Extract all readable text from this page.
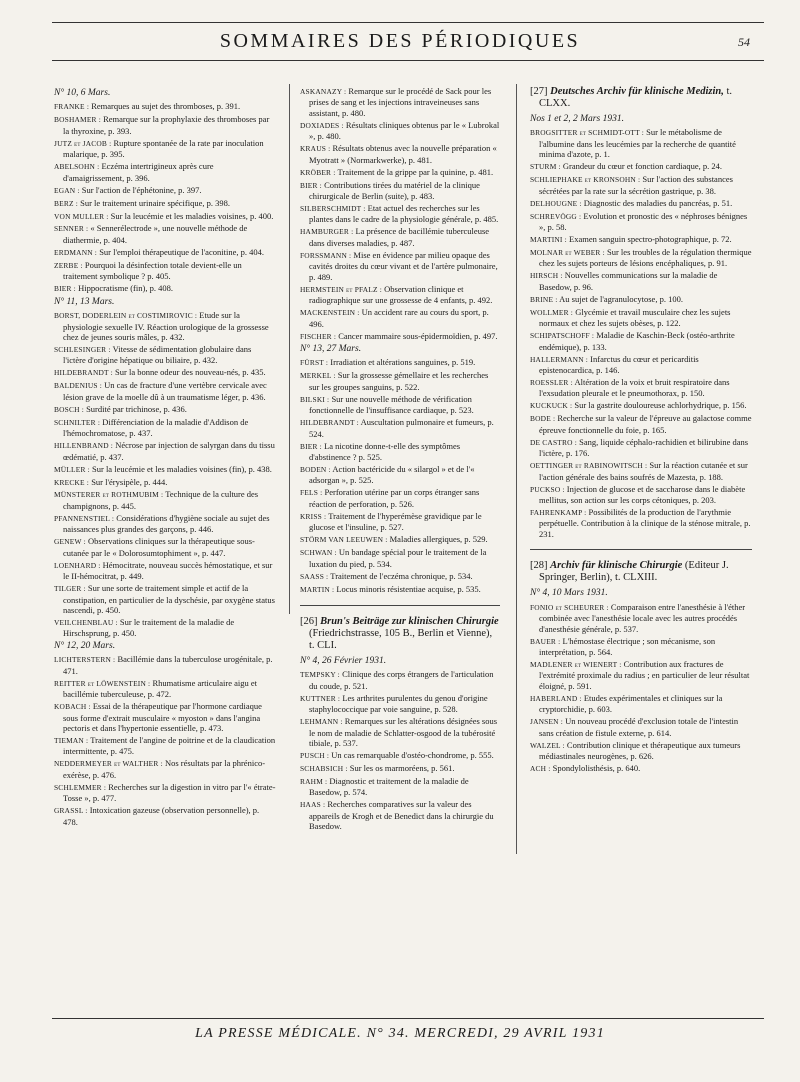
SOMMAIRES DES PÉRIODIQUES	54
N° 10, 6 Mars.
FRANKE : Remarques au sujet des thromboses, p. 391.
BOSHAMER : Remarque sur la prophylaxie des thromboses par la thyroxine, p. 393.
JUTZ et JACOB : Rupture spontanée de la rate par inoculation malarique, p. 395.
ABELSOHN : Eczéma intertrigineux après cure d'amaigrissement, p. 396.
EGAN : Sur l'action de l'éphétonine, p. 397.
BERZ : Sur le traitement urinaire spécifique, p. 398.
VON MULLER : Sur la leucémie et les maladies voisines, p. 400.
SENNER : « Sennerélectrode », une nouvelle méthode de diathermie, p. 404.
ERDMANN : Sur l'emploi thérapeutique de l'aconitine, p. 404.
ZERBE : Pourquoi la désinfection totale devient-elle un traitement symbolique ? p. 405.
BIER : Hippocratisme (fin), p. 408.
N° 11, 13 Mars.
BORST, DODERLEIN et COSTIMIROVIC : Etude sur la physiologie sexuelle IV. Réaction urologique de la grossesse chez de jeunes souris mâles, p. 432.
SCHLESINGER : Vitesse de sédimentation globulaire dans l'ictère d'origine hépatique ou biliaire, p. 432.
HILDEBRANDT : Sur la bonne odeur des nouveau-nés, p. 435.
BALDENIUS : Un cas de fracture d'une vertèbre cervicale avec lésion grave de la moelle dû à un traumatisme léger, p. 436.
BOSCH : Surdité par trichinose, p. 436.
SCHNILTER : Différenciation de la maladie d'Addison de l'hémochromatose, p. 437.
HILLENBRAND : Nécrose par injection de salyrgan dans du tissu œdématié, p. 437.
MÜLLER : Sur la leucémie et les maladies voisines (fin), p. 438.
KRECKE : Sur l'érysipèle, p. 444.
MÜNSTERER et ROTHMUBIM : Technique de la culture des champignons, p. 445.
PFANNENSTIEL : Considérations d'hygiène sociale au sujet des naissances plus grandes des garçons, p. 446.
GENEW : Observations cliniques sur la thérapeutique sous-cutanée par le « Dolorosumtophiment », p. 447.
LOENHARD : Hémocitrate, nouveau succès hémostatique, et sur le II-hémocitrat, p. 449.
TILGER : Sur une sorte de traitement simple et actif de la constipation, en particulier de la dyschésie, par oxygène status nascendi, p. 450.
VEILCHENBLAU : Sur le traitement de la maladie de Hirschsprung, p. 450.
N° 12, 20 Mars.
LICHTERSTERN : Bacillémie dans la tuberculose urogénitale, p. 471.
REITTER et LÖWENSTEIN : Rhumatisme articulaire aigu et bacillémie tuberculeuse, p. 472.
KOBACH : Essai de la thérapeutique par l'hormone cardiaque sous forme d'extrait musculaire « myoston » dans l'angina pectoris et dans l'hypertonie essentielle, p. 473.
TIEMAN : Traitement de l'angine de poitrine et de la claudication intermittente, p. 475.
NEDDERMEYER et WALTHER : Nos résultats par la phrénico-exérèse, p. 476.
SCHLEMMER : Recherches sur la digestion in vitro par l'« étrate-Tosse », p. 477.
GRASSL : Intoxication gazeuse (observation personnelle), p. 478.
ASKANAZY : Remarque sur le procédé de Sack pour les prises de sang et les injections intraveineuses sans assistant, p. 480.
DOXIADES : Résultats cliniques obtenus par le « Lubrokal », p. 480.
KRAUS : Résultats obtenus avec la nouvelle préparation « Myotratt » (Normarkwerke), p. 481.
KRÖBER : Traitement de la grippe par la quinine, p. 481.
BIER : Contributions tirées du matériel de la clinique chirurgicale de Berlin (suite), p. 483.
SILBERSCHMIDT : Etat actuel des recherches sur les plantes dans le cadre de la physiologie générale, p. 485.
HAMBURGER : La présence de bacillémie tuberculeuse dans diverses maladies, p. 487.
FORSSMANN : Mise en évidence par milieu opaque des cavités droites du cœur vivant et de l'artère pulmonaire, p. 489.
HERMSTEIN et PFALZ : Observation clinique et radiographique sur une grossesse de 4 enfants, p. 492.
MACKENSTEIN : Un accident rare au cours du sport, p. 496.
FISCHER : Cancer mammaire sous-épidermoïdien, p. 497.
N° 13, 27 Mars.
FÜRST : Irradiation et altérations sanguines, p. 519.
MERKEL : Sur la grossesse gémellaire et les recherches sur les groupes sanguins, p. 522.
BILSKI : Sur une nouvelle méthode de vérification fonctionnelle de l'insuffisance cardiaque, p. 523.
HILDEBRANDT : Auscultation pulmonaire et fumeurs, p. 524.
BIER : La nicotine donne-t-elle des symptômes d'abstinence ? p. 525.
BODEN : Action bactéricide du « silargol » et de l'« adsorgan », p. 525.
FELS : Perforation utérine par un corps étranger sans réaction de perforation, p. 526.
KRISS : Traitement de l'hyperémèse gravidique par le glucose et l'insuline, p. 527.
STÖRM VAN LEEUWEN : Maladies allergiques, p. 529.
SCHWAN : Un bandage spécial pour le traitement de la luxation du pied, p. 534.
SAASS : Traitement de l'eczéma chronique, p. 534.
MARTIN : Locus minoris résistentiae acquise, p. 535.
[26] Brun's Beiträge zur klinischen Chirurgie (Friedrichstrasse, 105 B., Berlin et Vienne), t. CLI.
N° 4, 26 Février 1931.
TEMPSKY : Clinique des corps étrangers de l'articulation du coude, p. 521.
KUTTNER : Les arthrites purulentes du genou d'origine staphylococcique par voie sanguine, p. 528.
LEHMANN : Remarques sur les altérations désignées sous le nom de maladie de Schlatter-osgood de la tubérosité tibiale, p. 537.
PUSCH : Un cas remarquable d'ostéo-chondrome, p. 555.
SCHABSICH : Sur les os marmoréens, p. 561.
RAHM : Diagnostic et traitement de la maladie de Basedow, p. 574.
HAAS : Recherches comparatives sur la valeur des appareils de Krogh et de Benedict dans la chirurgie du Basedow.
[27] Deutsches Archiv für klinische Medizin, t. CLXX.
Nos 1 et 2, 2 Mars 1931.
BROGSITTER et SCHMIDT-OTT : Sur le métabolisme de l'albumine dans les leucémies par la recherche de quantité minima d'azote, p. 1.
STURM : Grandeur du cœur et fonction cardiaque, p. 24.
SCHLIEPHAKE et KRONSOHN : Sur l'action des substances sécrétées par la rate sur la sécrétion gastrique, p. 38.
DELHOUGNE : Diagnostic des maladies du pancréas, p. 51.
SCHREVÖGG : Evolution et pronostic des « néphroses bénignes », p. 58.
MARTINI : Examen sanguin spectro-photographique, p. 72.
MOLNAR et WEBER : Sur les troubles de la régulation thermique chez les sujets porteurs de lésions encéphaliques, p. 91.
HIRSCH : Nouvelles communications sur la maladie de Basedow, p. 96.
BRINE : Au sujet de l'agranulocytose, p. 100.
WOLLMER : Glycémie et travail musculaire chez les sujets normaux et chez les sujets obèses, p. 122.
SCHIPATSCHOFF : Maladie de Kaschin-Beck (ostéo-arthrite endémique), p. 133.
HALLERMANN : Infarctus du cœur et pericarditis epistenocardica, p. 146.
ROESSLER : Altération de la voix et bruit respiratoire dans l'exsudation pleurale et le pneumothorax, p. 150.
KUCKUCK : Sur la gastrite douloureuse achlorhydrique, p. 156.
BODE : Recherche sur la valeur de l'épreuve au galactose comme épreuve fonctionnelle du foie, p. 165.
DE CASTRO : Sang, liquide céphalo-rachidien et bilirubine dans l'ictère, p. 176.
OETTINGER et RABINOWITSCH : Sur la réaction cutanée et sur l'action générale des bains soufrés de Mazesta, p. 188.
PUCKSO : Injection de glucose et de saccharose dans le diabète mellitus, son action sur les corps cétoniques, p. 203.
FAHRENKAMP : Possibilités de la production de l'arythmie perpétuelle. Contribution à la clinique de la sténose mitrale, p. 231.
[28] Archiv für klinische Chirurgie (Editeur J. Springer, Berlin), t. CLXIII.
N° 4, 10 Mars 1931.
FONIO et SCHEURER : Comparaison entre l'anesthésie à l'éther combinée avec l'anesthésie locale avec les autres procédés d'anesthésie générale, p. 537.
BAUER : L'hémostase électrique ; son mécanisme, son interprétation, p. 564.
MADLENER et WIENERT : Contribution aux fractures de l'extrémité proximale du radius ; en particulier de leur résultat éloigné, p. 591.
HABERLAND : Etudes expérimentales et cliniques sur la cryptorchidie, p. 603.
JANSEN : Un nouveau procédé d'exclusion totale de l'intestin sans création de fistule externe, p. 614.
WALZEL : Contribution clinique et thérapeutique aux tumeurs médiastinales neurogènes, p. 626.
ACH : Spondylolisthésis, p. 640.
LA PRESSE MÉDICALE. N° 34. MERCREDI, 29 AVRIL 1931
